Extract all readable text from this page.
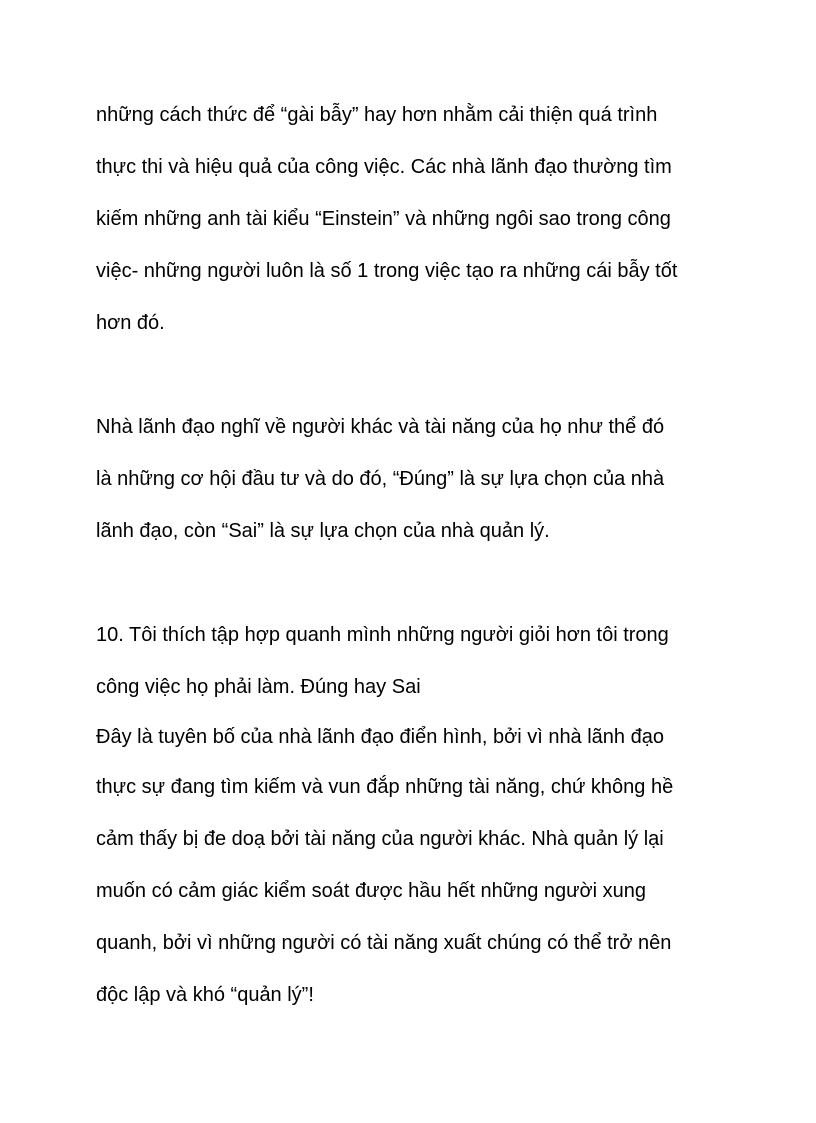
những cách thức để “gài bẫy” hay hơn nhằm cải thiện quá trình
thực thi và hiệu quả của công việc. Các nhà lãnh đạo thường tìm
kiếm những anh tài kiểu “Einstein” và những ngôi sao trong công
việc- những người luôn là số 1 trong việc tạo ra những cái bẫy tốt
hơn đó.
Nhà lãnh đạo nghĩ về người khác và tài năng của họ như thể đó
là những cơ hội đầu tư và do đó, “Đúng” là sự lựa chọn của nhà
lãnh đạo, còn “Sai” là sự lựa chọn của nhà quản lý.
10. Tôi thích tập hợp quanh mình những người giỏi hơn tôi trong
công việc họ phải làm. Đúng hay Sai
Đây là tuyên bố của nhà lãnh đạo điển hình, bởi vì nhà lãnh đạo
thực sự đang tìm kiếm và vun đắp những tài năng, chứ không hề
cảm thấy bị đe doạ bởi tài năng của người khác. Nhà quản lý lại
muốn có cảm giác kiểm soát được hầu hết những người xung
quanh, bởi vì những người có tài năng xuất chúng có thể trở nên
độc lập và khó “quản lý”!
